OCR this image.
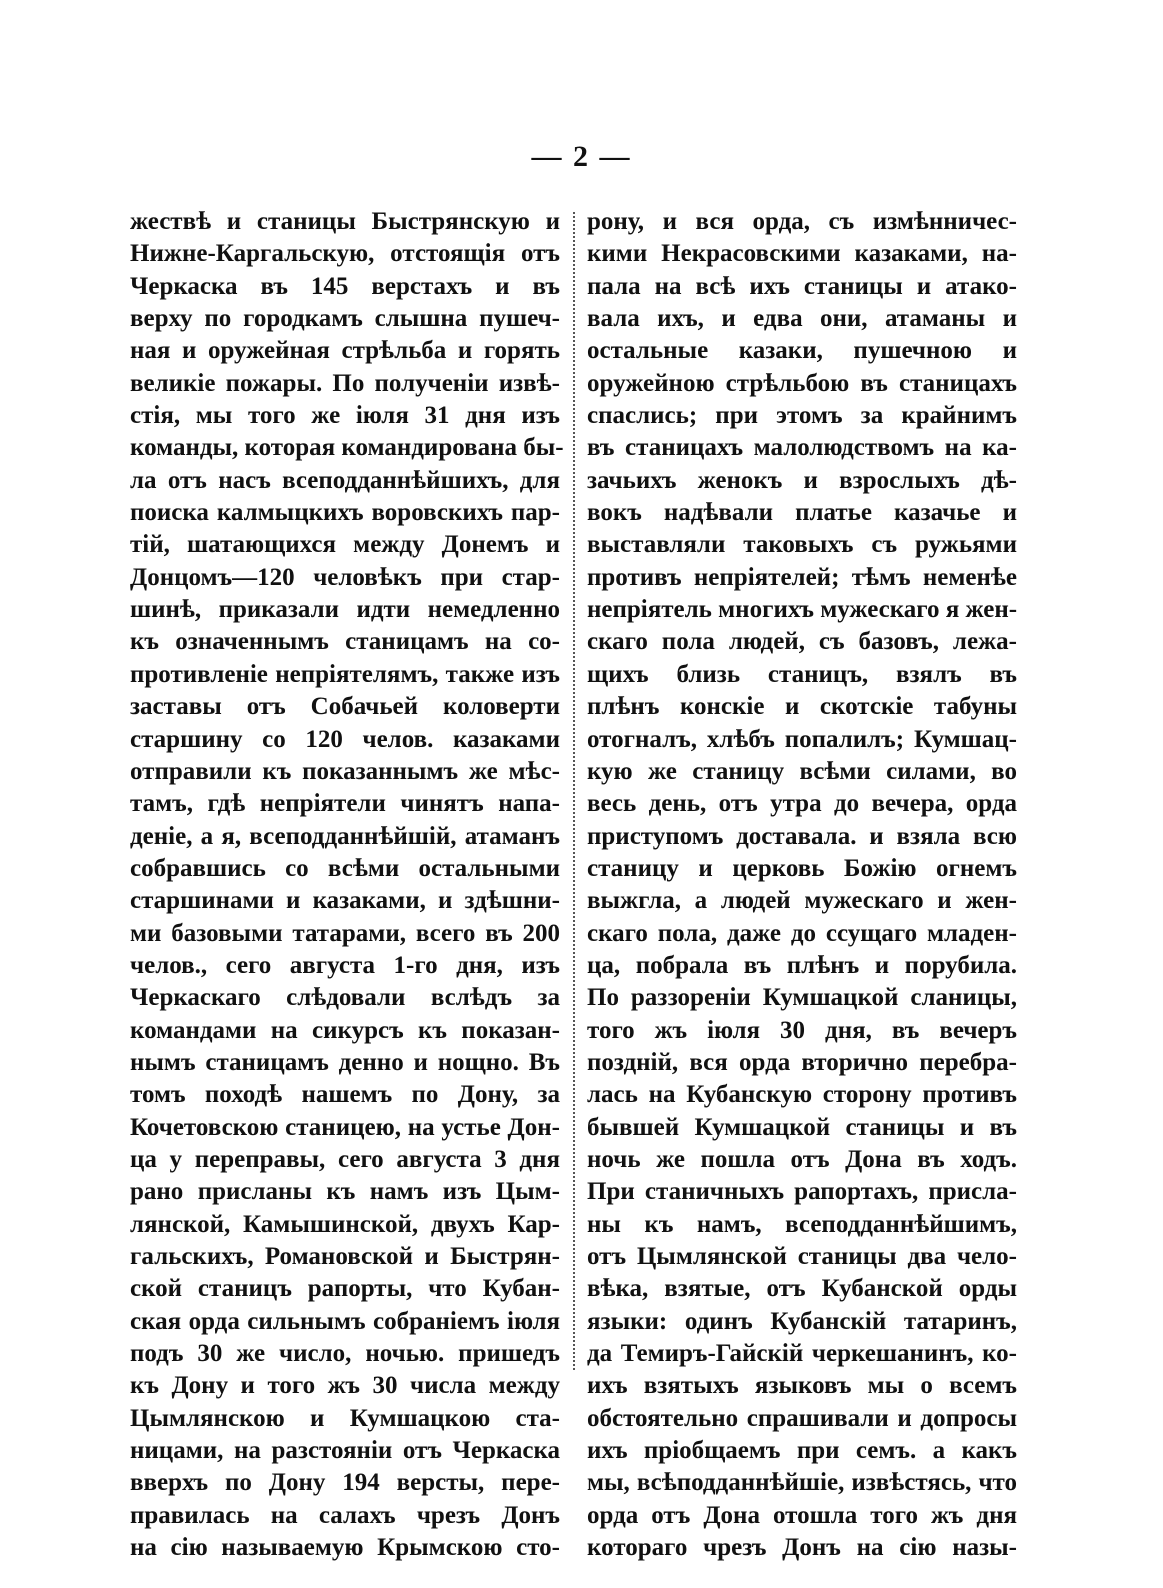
— 2 —
жествѣ и станицы Быстрянскую и
Нижне-Каргальскую, отстоящія отъ
Черкаска въ 145 верстахъ и въ
верху по городкамъ слышна пушеч-
ная и оружейная стрѣльба и горять
великіе пожары. По полученіи извѣ-
стія, мы того же іюля 31 дня изъ
команды, которая командирована бы-
ла отъ насъ всеподданнѣйшихъ, для
поиска калмыцкихъ воровскихъ пар-
тій, шатающихся между Донемъ и
Донцомъ—120 человѣкъ при стар-
шинѣ, приказали идти немедленно
къ означеннымъ станицамъ на со-
противленіе непріятелямъ, также изъ
заставы отъ Собачьей коловерти
старшину со 120 челов. казаками
отправили къ показаннымъ же мѣс-
тамъ, гдѣ непріятели чинятъ напа-
деніе, а я, всеподданнѣйшій, атаманъ
собравшись со всѣми остальными
старшинами и казаками, и здѣшни-
ми базовыми татарами, всего въ 200
челов., сего августа 1-го дня, изъ
Черкаскаго слѣдовали вслѣдъ за
командами на сикурсъ къ показан-
нымъ станицамъ денно и нощно. Въ
томъ походѣ нашемъ по Дону, за
Кочетовскою станицею, на устье Дон-
ца у переправы, сего августа 3 дня
рано присланы къ намъ изъ Цым-
лянской, Камышинской, двухъ Кар-
гальскихъ, Романовской и Быстрян-
ской станицъ рапорты, что Кубан-
ская орда сильнымъ собраніемъ іюля
подъ 30 же число, ночью. пришедъ
къ Дону и того жъ 30 числа между
Цымлянскою и Кумшацкою ста-
ницами, на разстояніи отъ Черкаска
вверхъ по Дону 194 версты, пере-
правилась на салахъ чрезъ Донъ
на сію называемую Крымскою сто-
рону, и вся орда, съ измѣнничес-
кими Некрасовскими казаками, на-
пала на всѣ ихъ станицы и атако-
вала ихъ, и едва они, атаманы и
остальные казаки, пушечною и
оружейною стрѣльбою въ станицахъ
спаслись; при этомъ за крайнимъ
въ станицахъ малолюдствомъ на ка-
зачьихъ женокъ и взрослыхъ дѣ-
вокъ надѣвали платье казачье и
выставляли таковыхъ съ ружьями
противъ непріятелей; тѣмъ неменѣе
непріятель многихъ мужескаго я жен-
скаго пола людей, съ базовъ, лежа-
щихъ близь станицъ, взялъ въ
плѣнъ конскіе и скотскіе табуны
отогналъ, хлѣбъ попалилъ; Кумшац-
кую же станицу всѣми силами, во
весь день, отъ утра до вечера, орда
приступомъ доставала. и взяла всю
станицу и церковь Божію огнемъ
выжгла, а людей мужескаго и жен-
скаго пола, даже до ссущаго младен-
ца, побрала въ плѣнъ и порубила.
По раззореніи Кумшацкой сланицы,
того жъ іюля 30 дня, въ вечеръ
поздній, вся орда вторично перебра-
лась на Кубанскую сторону противъ
бывшей Кумшацкой станицы и въ
ночь же пошла отъ Дона въ ходъ.
При станичныхъ рапортахъ, присла-
ны къ намъ, всеподданнѣйшимъ,
отъ Цымлянской станицы два чело-
вѣка, взятые, отъ Кубанской орды
языки: одинъ Кубанскій татаринъ,
да Темиръ-Гайскій черкешанинъ, ко-
ихъ взятыхъ языковъ мы о всемъ
обстоятельно спрашивали и допросы
ихъ пріобщаемъ при семъ. а какъ
мы, всѣподданнѣйшіе, извѣстясь, что
орда отъ Дона отошла того жъ дня
котораго чрезъ Донъ на сію назы-
